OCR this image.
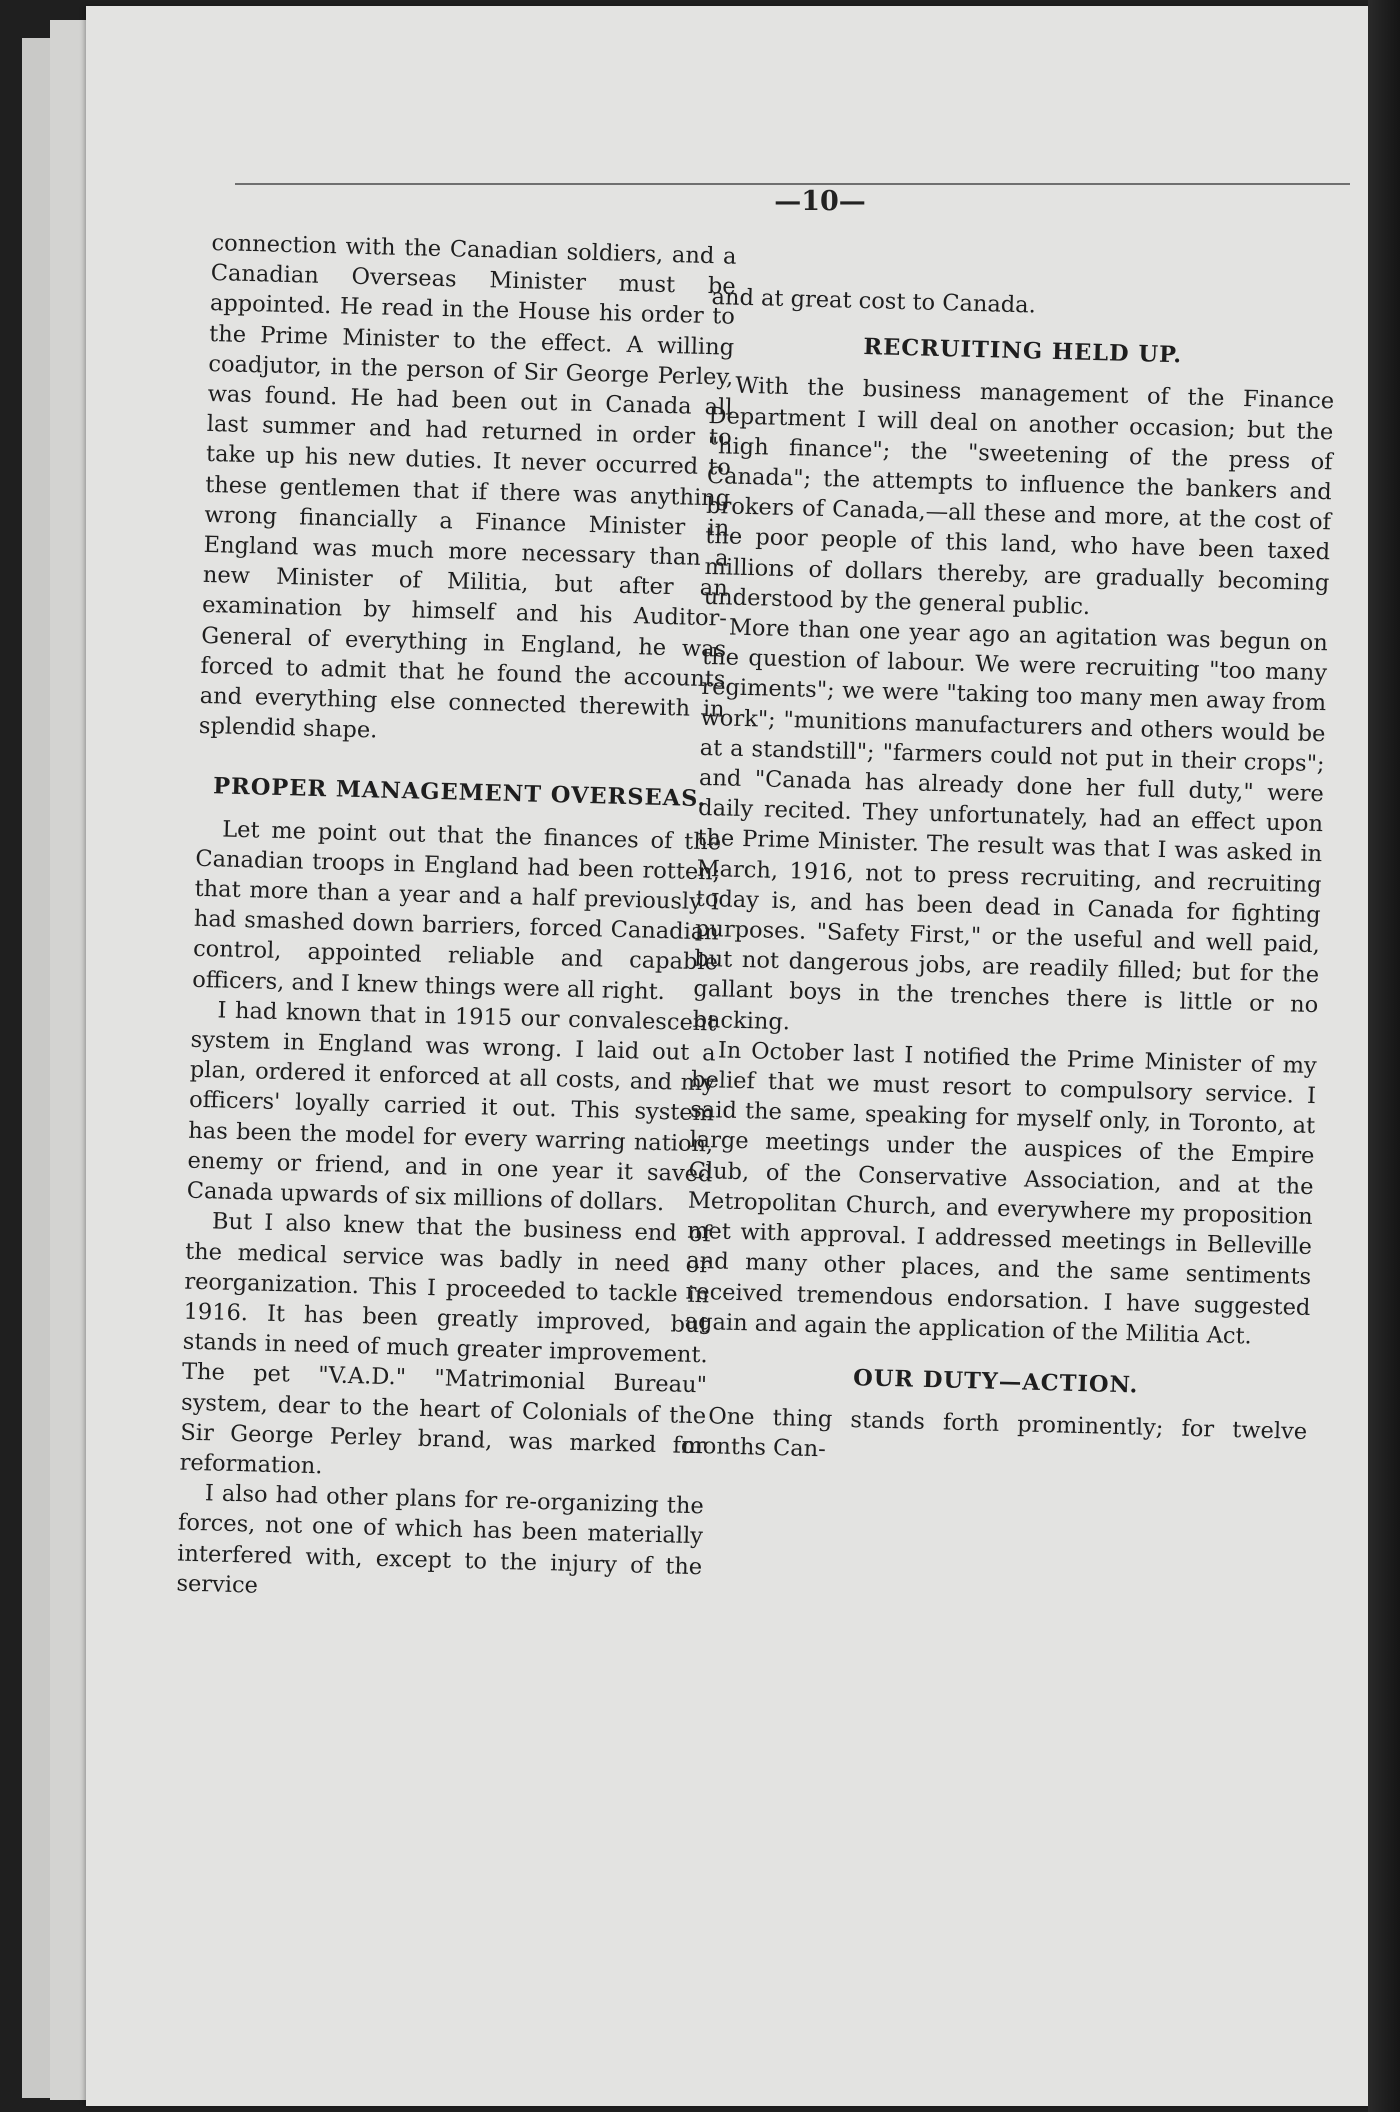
—10—

connection with the Canadian soldiers, and a Canadian Overseas Minister must be appointed. He read in the House his order to the Prime Minister to the effect. A willing coadjutor, in the person of Sir George Perley, was found. He had been out in Canada all last summer and had returned in order to take up his new duties. It never occurred to these gentlemen that if there was anything wrong financially a Finance Minister in England was much more necessary than a new Minister of Militia, but after an examination by himself and his Auditor-General of everything in England, he was forced to admit that he found the accounts and everything else connected therewith in splendid shape.

PROPER MANAGEMENT OVERSEAS.

Let me point out that the finances of the Canadian troops in England had been rotten; that more than a year and a half previously I had smashed down barriers, forced Canadian control, appointed reliable and capable officers, and I knew things were all right.

I had known that in 1915 our convalescent system in England was wrong. I laid out a plan, ordered it enforced at all costs, and my officers' loyally carried it out. This system has been the model for every warring nation, enemy or friend, and in one year it saved Canada upwards of six millions of dollars.

But I also knew that the business end of the medical service was badly in need or reorganization. This I proceeded to tackle in 1916. It has been greatly improved, but stands in need of much greater improvement. The pet "V.A.D." "Matrimonial Bureau" system, dear to the heart of Colonials of the Sir George Perley brand, was marked for reformation.

I also had other plans for re-organizing the forces, not one of which has been materially interfered with, except to the injury of the service

and at great cost to Canada.

RECRUITING HELD UP.

With the business management of the Finance Department I will deal on another occasion; but the "high finance"; the "sweetening of the press of Canada"; the attempts to influence the bankers and brokers of Canada,—all these and more, at the cost of the poor people of this land, who have been taxed millions of dollars thereby, are gradually becoming understood by the general public.

More than one year ago an agitation was begun on the question of labour. We were recruiting "too many regiments"; we were "taking too many men away from work"; "munitions manufacturers and others would be at a standstill"; "farmers could not put in their crops"; and "Canada has already done her full duty," were daily recited. They unfortunately, had an effect upon the Prime Minister. The result was that I was asked in March, 1916, not to press recruiting, and recruiting today is, and has been dead in Canada for fighting purposes. "Safety First," or the useful and well paid, but not dangerous jobs, are readily filled; but for the gallant boys in the trenches there is little or no backing.

In October last I notified the Prime Minister of my belief that we must resort to compulsory service. I said the same, speaking for myself only, in Toronto, at large meetings under the auspices of the Empire Club, of the Conservative Association, and at the Metropolitan Church, and everywhere my proposition met with approval. I addressed meetings in Belleville and many other places, and the same sentiments received tremendous endorsation. I have suggested again and again the application of the Militia Act.

OUR DUTY—ACTION.

One thing stands forth prominently; for twelve months Can-
